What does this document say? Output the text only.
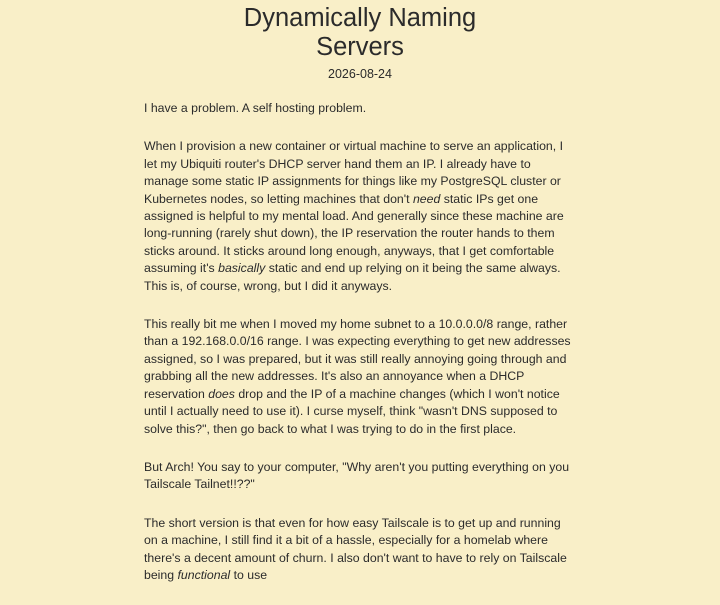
Dynamically Naming
Servers
2026-08-24

I have a problem. A self hosting problem.

When I provision a new container or virtual machine to serve an application, I let my Ubiquiti router's DHCP server hand them an IP. I already have to manage some static IP assignments for things like my PostgreSQL cluster or Kubernetes nodes, so letting machines that don't need static IPs get one assigned is helpful to my mental load. And generally since these machine are long-running (rarely shut down), the IP reservation the router hands to them sticks around. It sticks around long enough, anyways, that I get comfortable assuming it's basically static and end up relying on it being the same always. This is, of course, wrong, but I did it anyways.

This really bit me when I moved my home subnet to a 10.0.0.0/8 range, rather than a 192.168.0.0/16 range. I was expecting everything to get new addresses assigned, so I was prepared, but it was still really annoying going through and grabbing all the new addresses. It's also an annoyance when a DHCP reservation does drop and the IP of a machine changes (which I won't notice until I actually need to use it). I curse myself, think "wasn't DNS supposed to solve this?", then go back to what I was trying to do in the first place.

But Arch! You say to your computer, "Why aren't you putting everything on you Tailscale Tailnet!!??"

The short version is that even for how easy Tailscale is to get up and running on a machine, I still find it a bit of a hassle, especially for a homelab where there's a decent amount of churn. I also don't want to have to rely on Tailscale being functional to use
